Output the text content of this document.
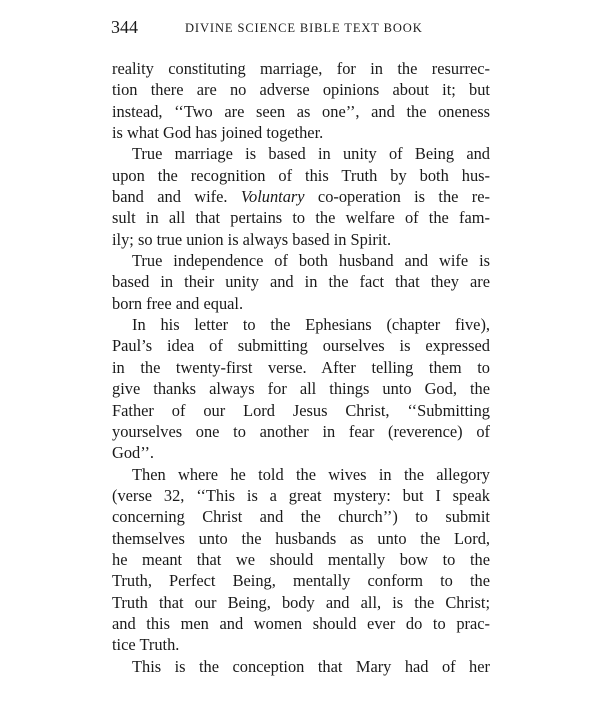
344	DIVINE SCIENCE BIBLE TEXT BOOK
reality constituting marriage, for in the resurrec-
tion there are no adverse opinions about it; but
instead, ‘‘Two are seen as one’’, and the oneness
is what God has joined together.
True marriage is based in unity of Being and
upon the recognition of this Truth by both hus-
band and wife. Voluntary co-operation is the re-
sult in all that pertains to the welfare of the fam-
ily; so true union is always based in Spirit.
True independence of both husband and wife is
based in their unity and in the fact that they are
born free and equal.
In his letter to the Ephesians (chapter five),
Paul’s idea of submitting ourselves is expressed
in the twenty-first verse. After telling them to
give thanks always for all things unto God, the
Father of our Lord Jesus Christ, ‘‘Submitting
yourselves one to another in fear (reverence) of
God’’.
Then where he told the wives in the allegory
(verse 32, ‘‘This is a great mystery: but I speak
concerning Christ and the church’’) to submit
themselves unto the husbands as unto the Lord,
he meant that we should mentally bow to the
Truth, Perfect Being, mentally conform to the
Truth that our Being, body and all, is the Christ;
and this men and women should ever do to prac-
tice Truth.
This is the conception that Mary had of her
